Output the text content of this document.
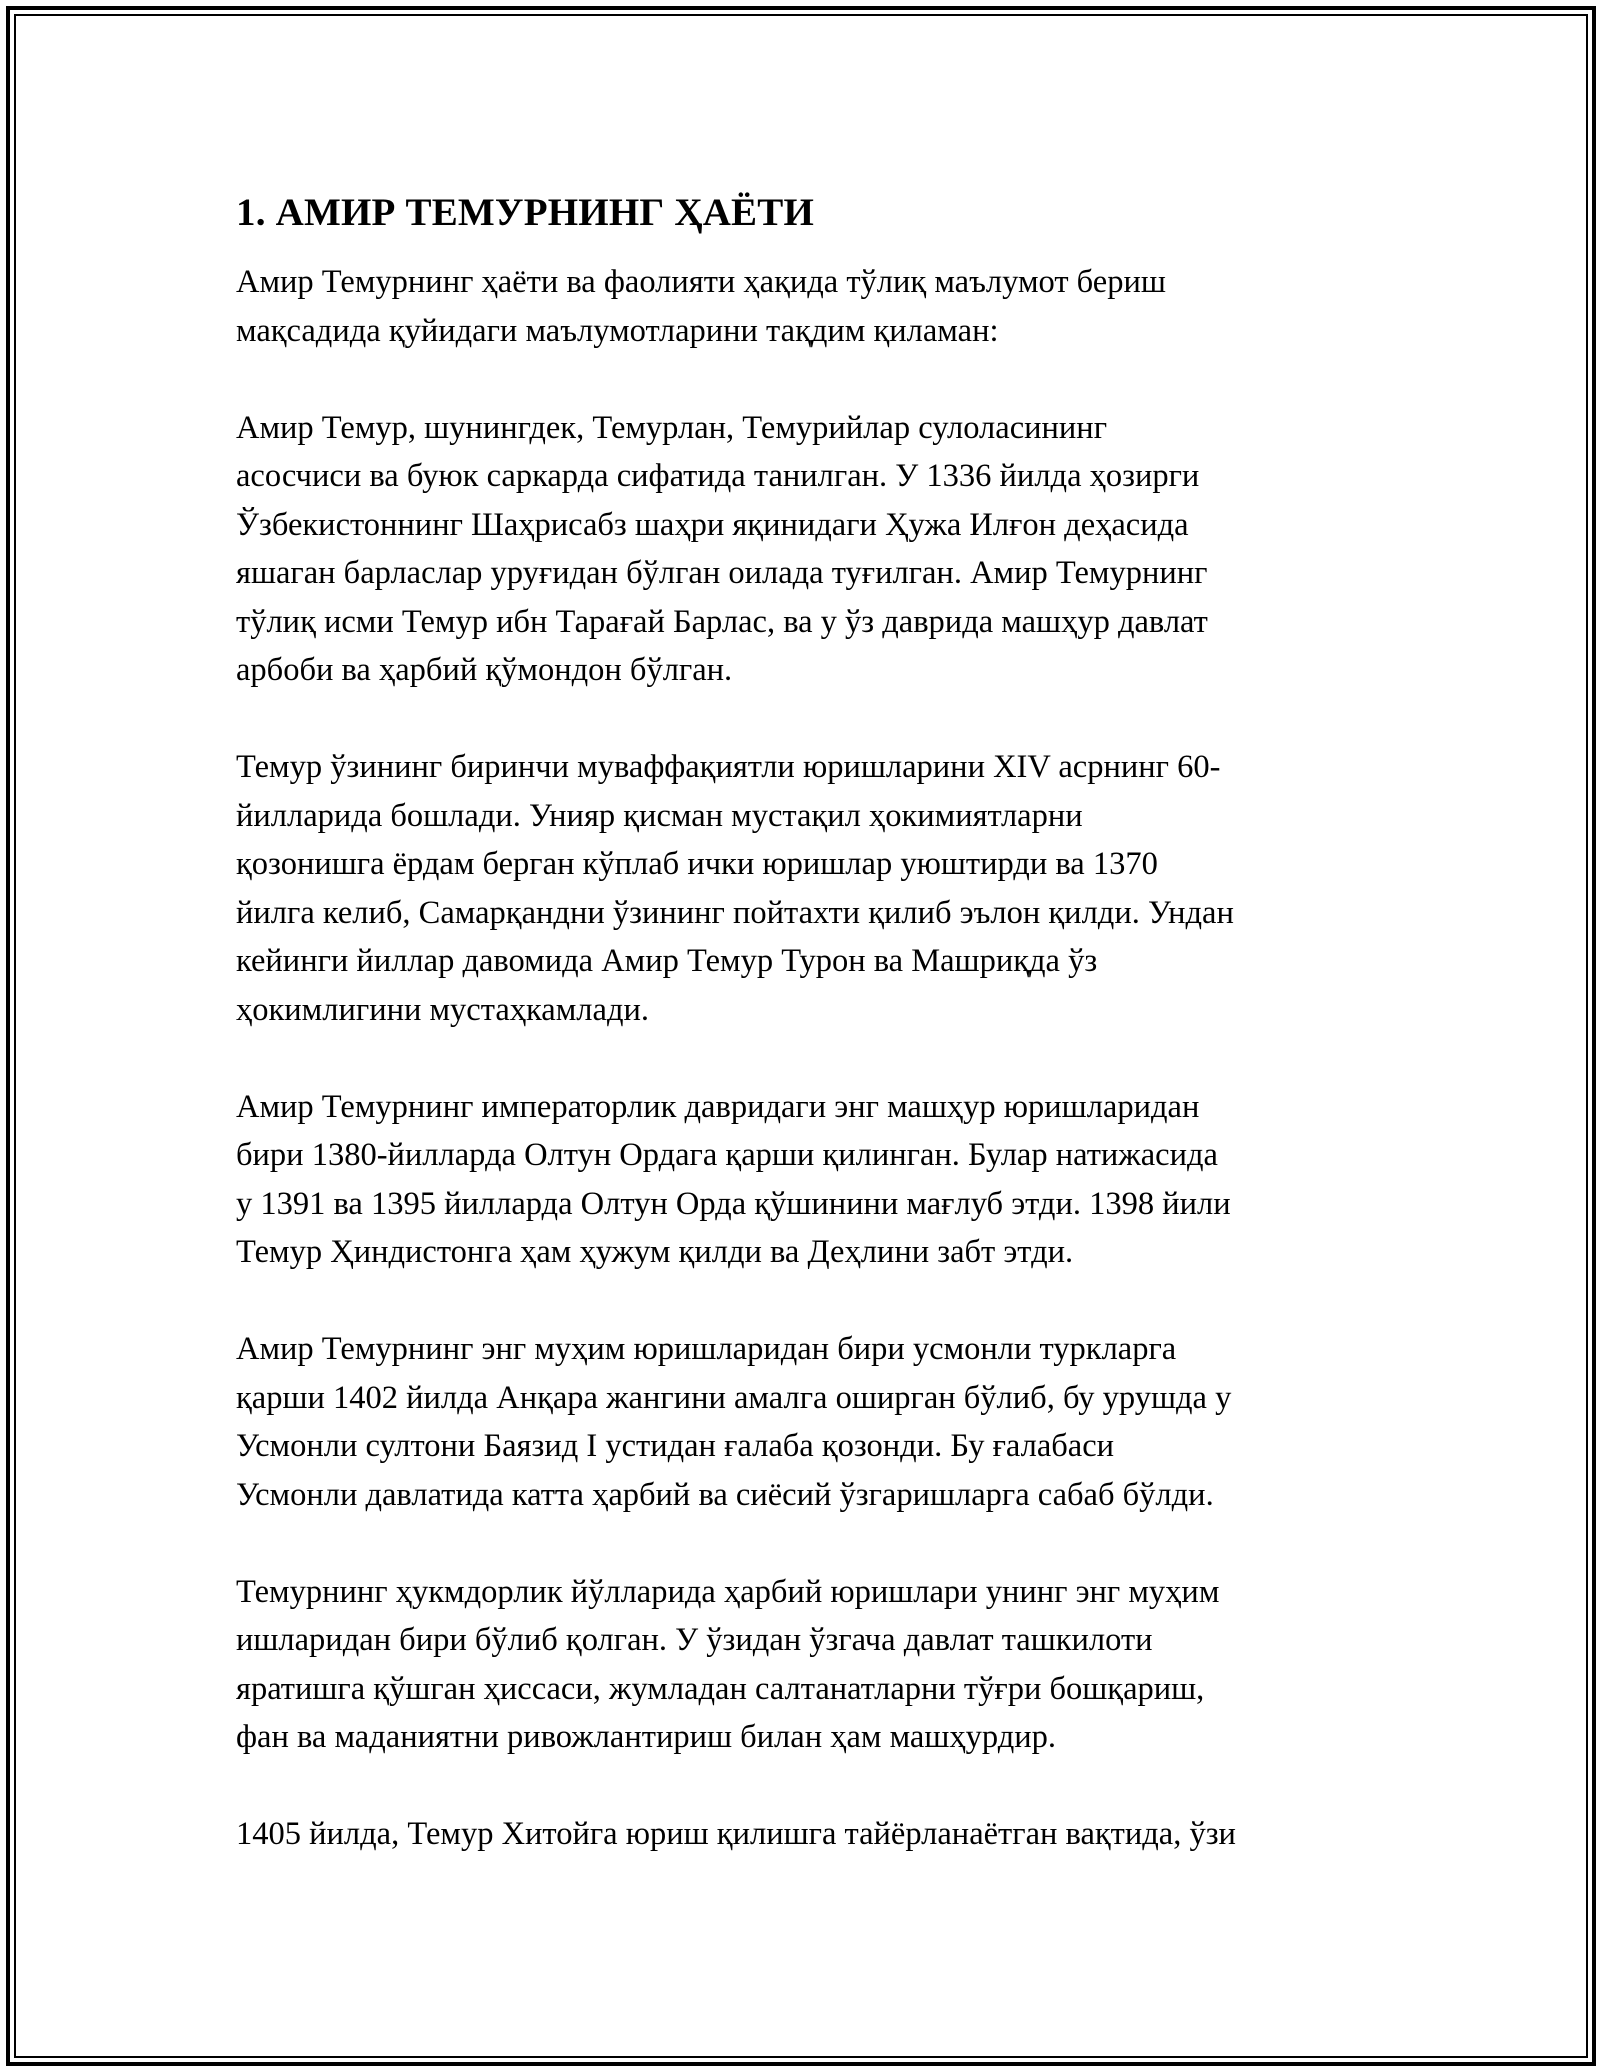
1. АМИР ТЕМУРНИНГ ҲАЁТИ

Амир Темурнинг ҳаёти ва фаолияти ҳақида тўлиқ маълумот бериш
мақсадида қуйидаги маълумотларини тақдим қиламан:

Амир Темур, шунингдек, Темурлан, Темурийлар сулоласининг
асосчиси ва буюк саркарда сифатида танилган. У 1336 йилда ҳозирги
Ўзбекистоннинг Шаҳрисабз шаҳри яқинидаги Ҳужа Илғон деҳасида
яшаган барласлар уруғидан бўлган оилада туғилган. Амир Темурнинг
тўлиқ исми Темур ибн Тарағай Барлас, ва у ўз даврида машҳур давлат
арбоби ва ҳарбий қўмондон бўлган.

Темур ўзининг биринчи муваффақиятли юришларини XIV асрнинг 60-
йилларида бошлади. Унияр қисман мустақил ҳокимиятларни
қозонишга ёрдам берган кўплаб ички юришлар уюштирди ва 1370
йилга келиб, Самарқандни ўзининг пойтахти қилиб эълон қилди. Ундан
кейинги йиллар давомида Амир Темур Турон ва Машриқда ўз
ҳокимлигини мустаҳкамлади.

Амир Темурнинг императорлик давридаги энг машҳур юришларидан
бири 1380-йилларда Олтун Ордага қарши қилинган. Булар натижасида
у 1391 ва 1395 йилларда Олтун Орда қўшинини мағлуб этди. 1398 йили
Темур Ҳиндистонга ҳам ҳужум қилди ва Деҳлини забт этди.

Амир Темурнинг энг муҳим юришларидан бири усмонли туркларга
қарши 1402 йилда Анқара жангини амалга оширган бўлиб, бу урушда у
Усмонли султони Баязид I устидан ғалаба қозонди. Бу ғалабаси
Усмонли давлатида катта ҳарбий ва сиёсий ўзгаришларга сабаб бўлди.

Темурнинг ҳукмдорлик йўлларида ҳарбий юришлари унинг энг муҳим
ишларидан бири бўлиб қолган. У ўзидан ўзгача давлат ташкилоти
яратишга қўшган ҳиссаси, жумладан салтанатларни тўғри бошқариш,
фан ва маданиятни ривожлантириш билан ҳам машҳурдир.

1405 йилда, Темур Хитойга юриш қилишга тайёрланаётган вақтида, ўзи
